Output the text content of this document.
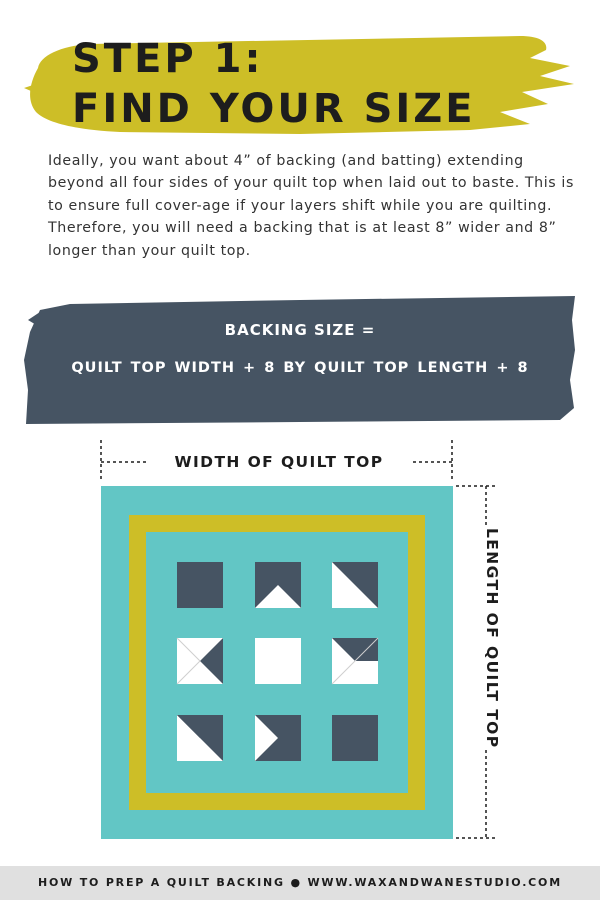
STEP 1:
FIND YOUR SIZE

Ideally, you want about 4” of backing (and batting) extending beyond all four sides of your quilt top when laid out to baste. This is to ensure full cover-age if your layers shift while you are quilting. Therefore, you will need a backing that is at least 8” wider and 8” longer than your quilt top.

BACKING SIZE =
QUILT TOP WIDTH + 8 BY QUILT TOP LENGTH + 8
WIDTH OF QUILT TOP
LENGTH OF QUILT TOP
HOW TO PREP A QUILT BACKING ● WWW.WAXANDWANESTUDIO.COM
